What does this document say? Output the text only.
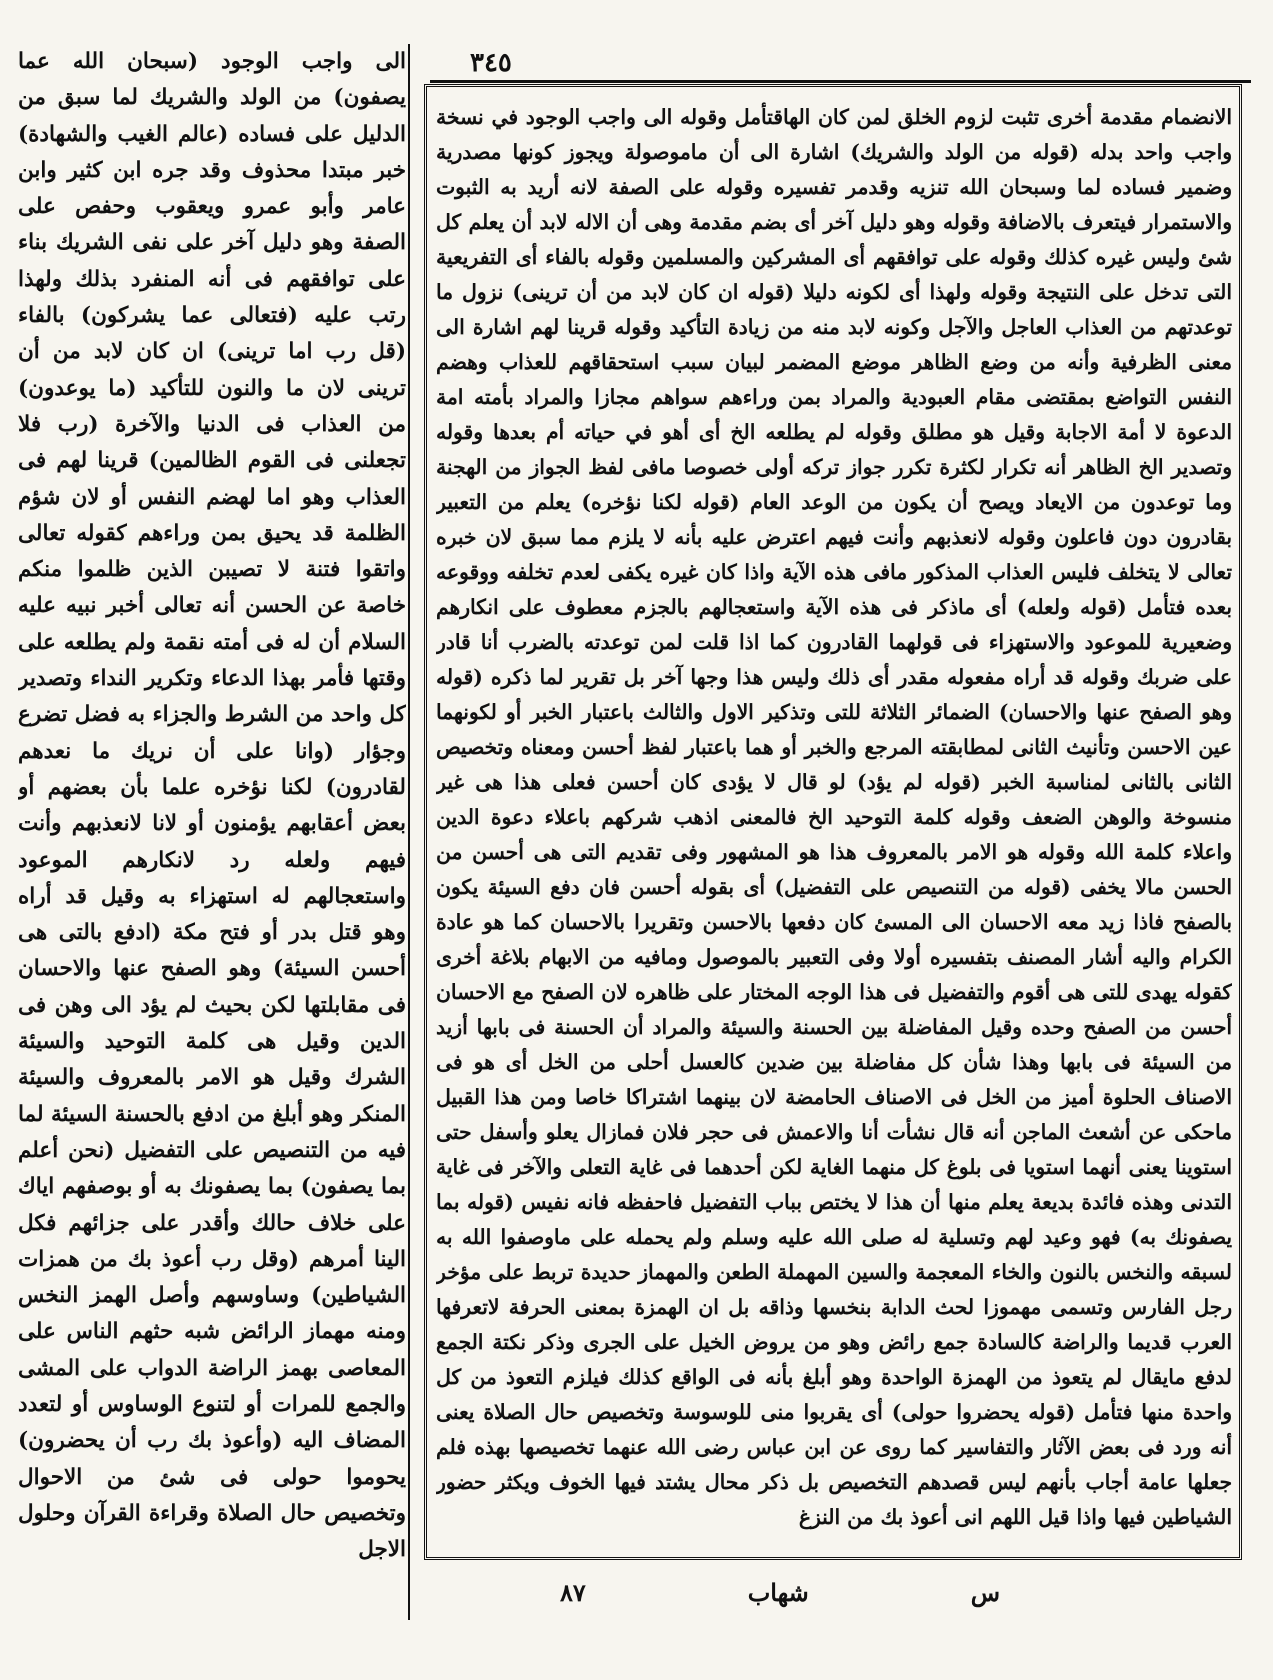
٣٤٥

الى واجب الوجود (سبحان الله عما يصفون) من الولد والشريك لما سبق من الدليل على فساده (عالم الغيب والشهادة) خبر مبتدا محذوف وقد جره ابن كثير وابن عامر وأبو عمرو ويعقوب وحفص على الصفة وهو دليل آخر على نفى الشريك بناء على توافقهم فى أنه المنفرد بذلك ولهذا رتب عليه (فتعالى عما يشركون) بالفاء (قل رب اما ترينى) ان كان لابد من أن ترينى لان ما والنون للتأكيد (ما يوعدون) من العذاب فى الدنيا والآخرة (رب فلا تجعلنى فى القوم الظالمين) قرينا لهم فى العذاب وهو اما لهضم النفس أو لان شؤم الظلمة قد يحيق بمن وراءهم كقوله تعالى واتقوا فتنة لا تصيبن الذين ظلموا منكم خاصة عن الحسن أنه تعالى أخبر نبيه عليه السلام أن له فى أمته نقمة ولم يطلعه على وقتها فأمر بهذا الدعاء وتكرير النداء وتصدير كل واحد من الشرط والجزاء به فضل تضرع وجؤار (وانا على أن نريك ما نعدهم لقادرون) لكنا نؤخره علما بأن بعضهم أو بعض أعقابهم يؤمنون أو لانا لانعذبهم وأنت فيهم ولعله رد لانكارهم الموعود واستعجالهم له استهزاء به وقيل قد أراه وهو قتل بدر أو فتح مكة (ادفع بالتى هى أحسن السيئة) وهو الصفح عنها والاحسان فى مقابلتها لكن بحيث لم يؤد الى وهن فى الدين وقيل هى كلمة التوحيد والسيئة الشرك وقيل هو الامر بالمعروف والسيئة المنكر وهو أبلغ من ادفع بالحسنة السيئة لما فيه من التنصيص على التفضيل (نحن أعلم بما يصفون) بما يصفونك به أو بوصفهم اياك على خلاف حالك وأقدر على جزائهم فكل الينا أمرهم (وقل رب أعوذ بك من همزات الشياطين) وساوسهم وأصل الهمز النخس ومنه مهماز الرائض شبه حثهم الناس على المعاصى بهمز الراضة الدواب على المشى والجمع للمرات أو لتنوع الوساوس أو لتعدد المضاف اليه (وأعوذ بك رب أن يحضرون) يحوموا حولى فى شئ من الاحوال وتخصيص حال الصلاة وقراءة القرآن وحلول الاجل

الانضمام مقدمة أخرى تثبت لزوم الخلق لمن كان الهاقتأمل وقوله الى واجب الوجود في نسخة واجب واحد بدله (قوله من الولد والشريك) اشارة الى أن ماموصولة ويجوز كونها مصدرية وضمير فساده لما وسبحان الله تنزيه وقدمر تفسيره وقوله على الصفة لانه أريد به الثبوت والاستمرار فيتعرف بالاضافة وقوله وهو دليل آخر أى بضم مقدمة وهى أن الاله لابد أن يعلم كل شئ وليس غيره كذلك وقوله على توافقهم أى المشركين والمسلمين وقوله بالفاء أى التفريعية التى تدخل على النتيجة وقوله ولهذا أى لكونه دليلا (قوله ان كان لابد من أن ترينى) نزول ما توعدتهم من العذاب العاجل والآجل وكونه لابد منه من زيادة التأكيد وقوله قرينا لهم اشارة الى معنى الظرفية وأنه من وضع الظاهر موضع المضمر لبيان سبب استحقاقهم للعذاب وهضم النفس التواضع بمقتضى مقام العبودية والمراد بمن وراءهم سواهم مجازا والمراد بأمته امة الدعوة لا أمة الاجابة وقيل هو مطلق وقوله لم يطلعه الخ أى أهو في حياته أم بعدها وقوله وتصدير الخ الظاهر أنه تكرار لكثرة تكرر جواز تركه أولى خصوصا مافى لفظ الجواز من الهجنة وما توعدون من الايعاد ويصح أن يكون من الوعد العام (قوله لكنا نؤخره) يعلم من التعبير بقادرون دون فاعلون وقوله لانعذبهم وأنت فيهم اعترض عليه بأنه لا يلزم مما سبق لان خبره تعالى لا يتخلف فليس العذاب المذكور مافى هذه الآية واذا كان غيره يكفى لعدم تخلفه ووقوعه بعده فتأمل (قوله ولعله) أى ماذكر فى هذه الآية واستعجالهم بالجزم معطوف على انكارهم وضعيرية للموعود والاستهزاء فى قولهما القادرون كما اذا قلت لمن توعدته بالضرب أنا قادر على ضربك وقوله قد أراه مفعوله مقدر أى ذلك وليس هذا وجها آخر بل تقرير لما ذكره (قوله وهو الصفح عنها والاحسان) الضمائر الثلاثة للتى وتذكير الاول والثالث باعتبار الخبر أو لكونهما عين الاحسن وتأنيث الثانى لمطابقته المرجع والخبر أو هما باعتبار لفظ أحسن ومعناه وتخصيص الثانى بالثانى لمناسبة الخبر (قوله لم يؤد) لو قال لا يؤدى كان أحسن فعلى هذا هى غير منسوخة والوهن الضعف وقوله كلمة التوحيد الخ فالمعنى اذهب شركهم باعلاء دعوة الدين واعلاء كلمة الله وقوله هو الامر بالمعروف هذا هو المشهور وفى تقديم التى هى أحسن من الحسن مالا يخفى (قوله من التنصيص على التفضيل) أى بقوله أحسن فان دفع السيئة يكون بالصفح فاذا زيد معه الاحسان الى المسئ كان دفعها بالاحسن وتقريرا بالاحسان كما هو عادة الكرام واليه أشار المصنف بتفسيره أولا وفى التعبير بالموصول ومافيه من الابهام بلاغة أخرى كقوله يهدى للتى هى أقوم والتفضيل فى هذا الوجه المختار على ظاهره لان الصفح مع الاحسان أحسن من الصفح وحده وقيل المفاضلة بين الحسنة والسيئة والمراد أن الحسنة فى بابها أزيد من السيئة فى بابها وهذا شأن كل مفاضلة بين ضدين كالعسل أحلى من الخل أى هو فى الاصناف الحلوة أميز من الخل فى الاصناف الحامضة لان بينهما اشتراكا خاصا ومن هذا القبيل ماحكى عن أشعث الماجن أنه قال نشأت أنا والاعمش فى حجر فلان فمازال يعلو وأسفل حتى استوينا يعنى أنهما استويا فى بلوغ كل منهما الغاية لكن أحدهما فى غاية التعلى والآخر فى غاية التدنى وهذه فائدة بديعة يعلم منها أن هذا لا يختص بباب التفضيل فاحفظه فانه نفيس (قوله بما يصفونك به) فهو وعيد لهم وتسلية له صلى الله عليه وسلم ولم يحمله على ماوصفوا الله به لسبقه والنخس بالنون والخاء المعجمة والسين المهملة الطعن والمهماز حديدة تربط على مؤخر رجل الفارس وتسمى مهموزا لحث الدابة بنخسها وذاقه بل ان الهمزة بمعنى الحرفة لاتعرفها العرب قديما والراضة كالسادة جمع رائض وهو من يروض الخيل على الجرى وذكر نكتة الجمع لدفع مايقال لم يتعوذ من الهمزة الواحدة وهو أبلغ بأنه فى الواقع كذلك فيلزم التعوذ من كل واحدة منها فتأمل (قوله يحضروا حولى) أى يقربوا منى للوسوسة وتخصيص حال الصلاة يعنى أنه ورد فى بعض الآثار والتفاسير كما روى عن ابن عباس رضى الله عنهما تخصيصها بهذه فلم جعلها عامة أجاب بأنهم ليس قصدهم التخصيص بل ذكر محال يشتد فيها الخوف ويكثر حضور الشياطين فيها واذا قيل اللهم انى أعوذ بك من النزغ

س
شهاب
٨٧
